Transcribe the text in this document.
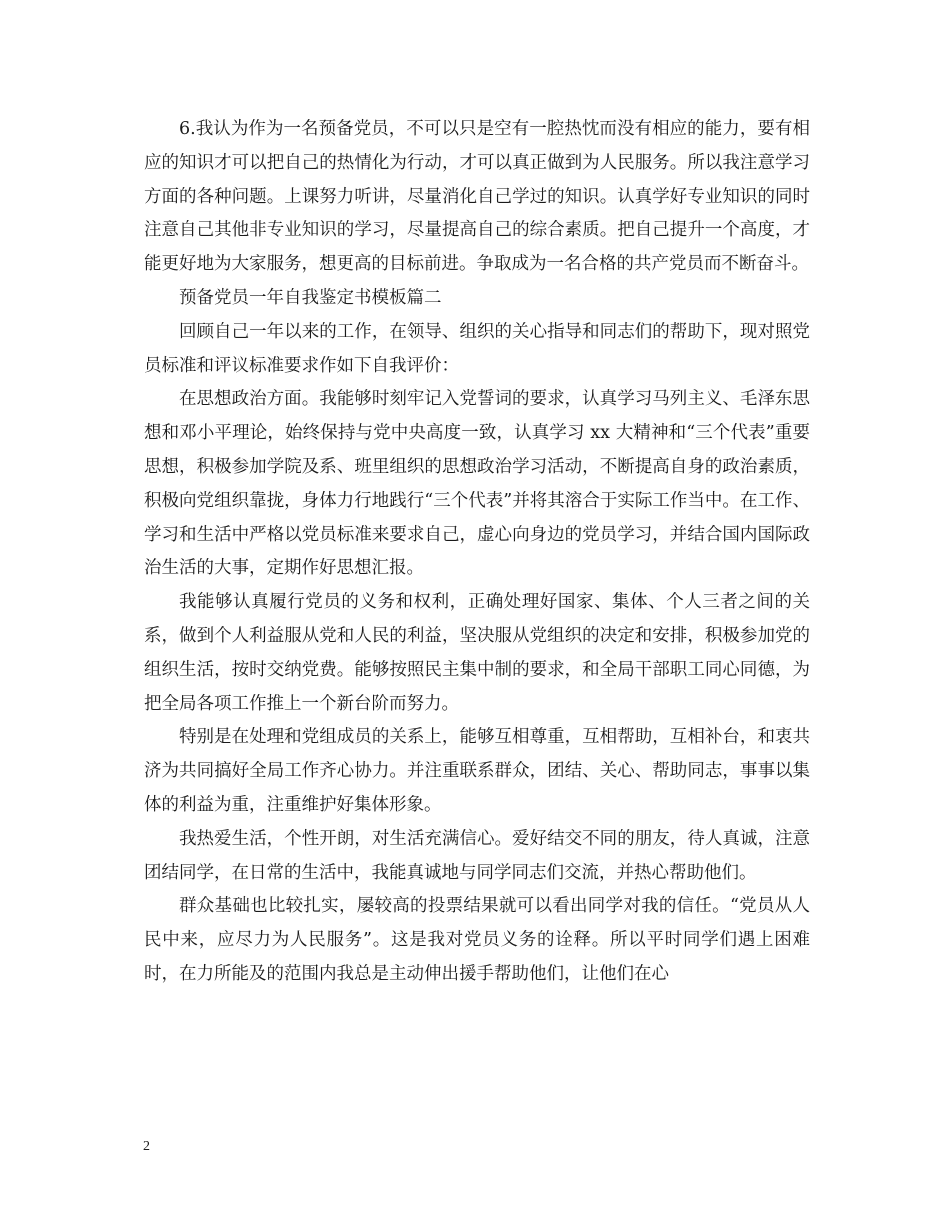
6.我认为作为一名预备党员，不可以只是空有一腔热忱而没有相应的能力，要有相应的知识才可以把自己的热情化为行动，才可以真正做到为人民服务。所以我注意学习方面的各种问题。上课努力听讲，尽量消化自己学过的知识。认真学好专业知识的同时注意自己其他非专业知识的学习，尽量提高自己的综合素质。把自己提升一个高度，才能更好地为大家服务，想更高的目标前进。争取成为一名合格的共产党员而不断奋斗。

预备党员一年自我鉴定书模板篇二

回顾自己一年以来的工作，在领导、组织的关心指导和同志们的帮助下，现对照党员标准和评议标准要求作如下自我评价：

在思想政治方面。我能够时刻牢记入党誓词的要求，认真学习马列主义、毛泽东思想和邓小平理论，始终保持与党中央高度一致，认真学习 xx 大精神和“三个代表”重要思想，积极参加学院及系、班里组织的思想政治学习活动，不断提高自身的政治素质，积极向党组织靠拢，身体力行地践行“三个代表”并将其溶合于实际工作当中。在工作、学习和生活中严格以党员标准来要求自己，虚心向身边的党员学习，并结合国内国际政治生活的大事，定期作好思想汇报。

我能够认真履行党员的义务和权利，正确处理好国家、集体、个人三者之间的关系，做到个人利益服从党和人民的利益，坚决服从党组织的决定和安排，积极参加党的组织生活，按时交纳党费。能够按照民主集中制的要求，和全局干部职工同心同德，为把全局各项工作推上一个新台阶而努力。

特别是在处理和党组成员的关系上，能够互相尊重，互相帮助，互相补台，和衷共济为共同搞好全局工作齐心协力。并注重联系群众，团结、关心、帮助同志，事事以集体的利益为重，注重维护好集体形象。

我热爱生活，个性开朗，对生活充满信心。爱好结交不同的朋友，待人真诚，注意团结同学，在日常的生活中，我能真诚地与同学同志们交流，并热心帮助他们。

群众基础也比较扎实，屡较高的投票结果就可以看出同学对我的信任。“党员从人民中来，应尽力为人民服务”。这是我对党员义务的诠释。所以平时同学们遇上困难时，在力所能及的范围内我总是主动伸出援手帮助他们，让他们在心

2
